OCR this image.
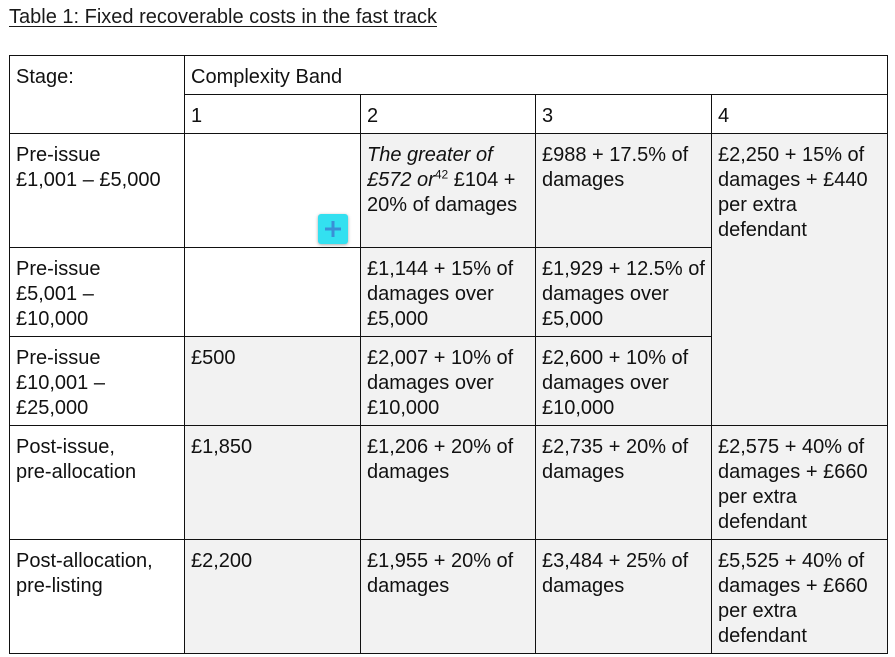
Table 1: Fixed recoverable costs in the fast track
Stage:	Complexity Band			
	1	2	3	4
Pre-issue
£1,001 – £5,000		The greater of £572 $or^{42}$ £104 + 20% of damages	£988 + 17.5% of damages	£2,250 + 15% of damages + £440 per extra defendant
Pre-issue
£5,001 –
£10,000		£1,144 + 15% of damages over £5,000	£1,929 + 12.5% of damages over £5,000	
Pre-issue
£10,001 –
£25,000	£500	£2,007 + 10% of damages over £10,000	£2,600 + 10% of damages over £10,000	
Post-issue,
pre-allocation	£1,850	£1,206 + 20% of damages	£2,735 + 20% of damages	£2,575 + 40% of damages + £660 per extra defendant
Post-allocation,
pre-listing	£2,200	£1,955 + 20% of damages	£3,484 + 25% of damages	£5,525 + 40% of damages + £660 per extra defendant
